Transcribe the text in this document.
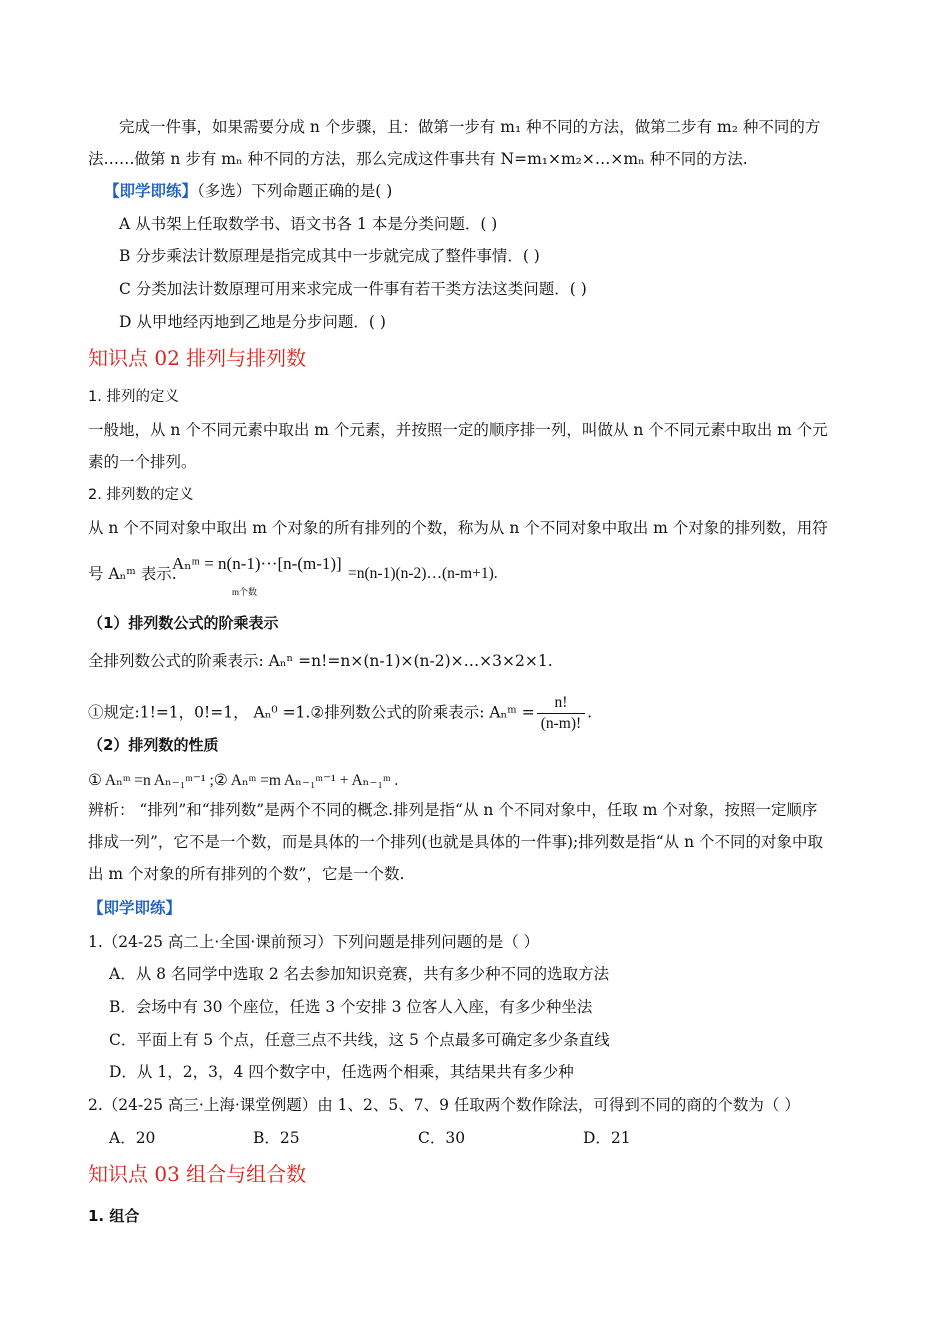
完成一件事，如果需要分成 n 个步骤，且：做第一步有 m₁ 种不同的方法，做第二步有 m₂ 种不同的方
法……做第 n 步有 mₙ 种不同的方法，那么完成这件事共有 N=m₁×m₂×…×mₙ 种不同的方法.
【即学即练】（多选）下列命题正确的是( )
A 从书架上任取数学书、语文书各 1 本是分类问题．( )
B 分步乘法计数原理是指完成其中一步就完成了整件事情．( )
C 分类加法计数原理可用来求完成一件事有若干类方法这类问题．( )
D 从甲地经丙地到乙地是分步问题．( )
知识点 02 排列与排列数
1. 排列的定义
一般地，从 n 个不同元素中取出 m 个元素，并按照一定的顺序排一列，叫做从 n 个不同元素中取出 m 个元
素的一个排列。
2. 排列数的定义
从 n 个不同对象中取出 m 个对象的所有排列的个数，称为从 n 个不同对象中取出 m 个对象的排列数，用符
号 Aₙᵐ 表示.
Aₙᵐ = n(n-1)···[n-(m-1)]
m个数
=n(n-1)(n-2)…(n-m+1).
（1）排列数公式的阶乘表示
全排列数公式的阶乘表示: Aₙⁿ =n!=n×(n-1)×(n-2)×…×3×2×1.
①规定:1!=1，0!=1， Aₙ⁰ =1.②排列数公式的阶乘表示: Aₙᵐ = $\frac{n!}{(n-m)!}$ .
（2）排列数的性质
① Aₙᵐ =n Aₙ₋₁ᵐ⁻¹ ;② Aₙᵐ =m Aₙ₋₁ᵐ⁻¹ + Aₙ₋₁ᵐ .
辨析： “排列”和“排列数”是两个不同的概念.排列是指“从 n 个不同对象中，任取 m 个对象，按照一定顺序
排成一列”，它不是一个数，而是具体的一个排列(也就是具体的一件事);排列数是指“从 n 个不同的对象中取
出 m 个对象的所有排列的个数”，它是一个数.
【即学即练】
1.（24-25 高二上·全国·课前预习）下列问题是排列问题的是（ ）
A．从 8 名同学中选取 2 名去参加知识竞赛，共有多少种不同的选取方法
B．会场中有 30 个座位，任选 3 个安排 3 位客人入座，有多少种坐法
C．平面上有 5 个点，任意三点不共线，这 5 个点最多可确定多少条直线
D．从 1，2，3，4 四个数字中，任选两个相乘，其结果共有多少种
2.（24-25 高三·上海·课堂例题）由 1、2、5、7、9 任取两个数作除法，可得到不同的商的个数为（ ）
A．20	B．25	C．30	D．21
知识点 03 组合与组合数
1. 组合
